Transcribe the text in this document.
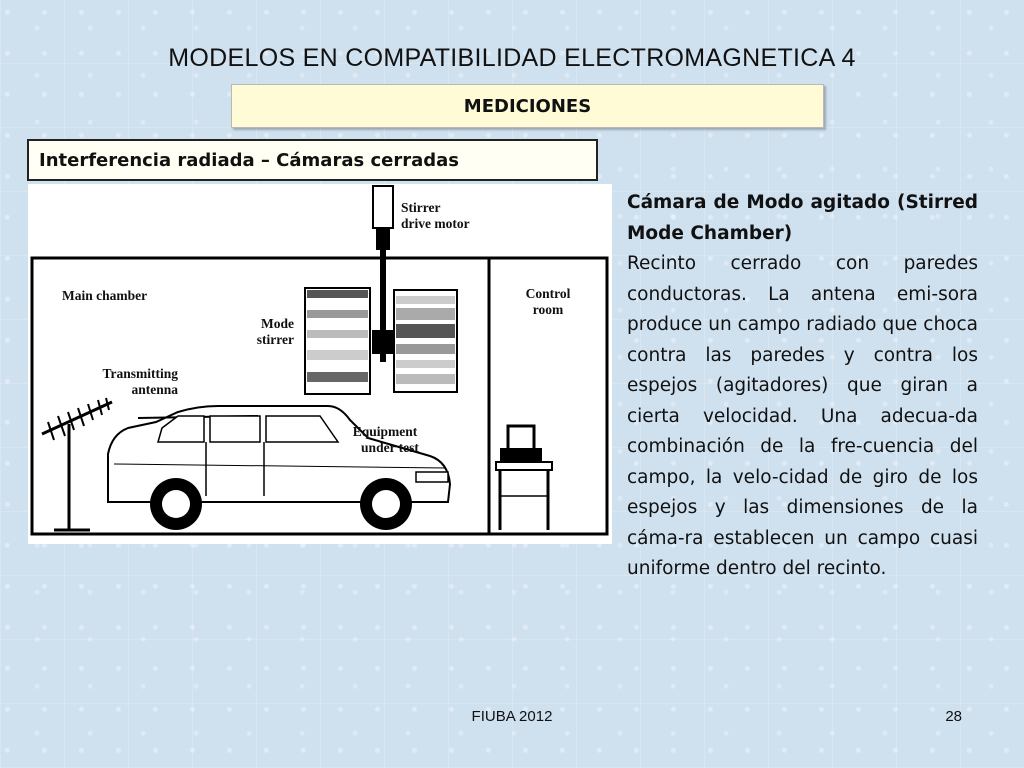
MODELOS EN COMPATIBILIDAD ELECTROMAGNETICA 4
MEDICIONES
Interferencia radiada – Cámaras cerradas
Stirrer
drive motor
Main chamber	Control
room
Mode
stirrer
Transmitting
antenna
Equipment
under test
Cámara de Modo agitado (Stirred Mode Chamber)
Recinto cerrado con paredes conductoras. La antena emi-sora produce un campo radiado que choca contra las paredes y contra los espejos (agitadores) que giran a cierta velocidad. Una adecua-da combinación de la fre-cuencia del campo, la velo-cidad de giro de los espejos y las dimensiones de la cáma-ra establecen un campo cuasi uniforme dentro del recinto.
FIUBA 2012	28
